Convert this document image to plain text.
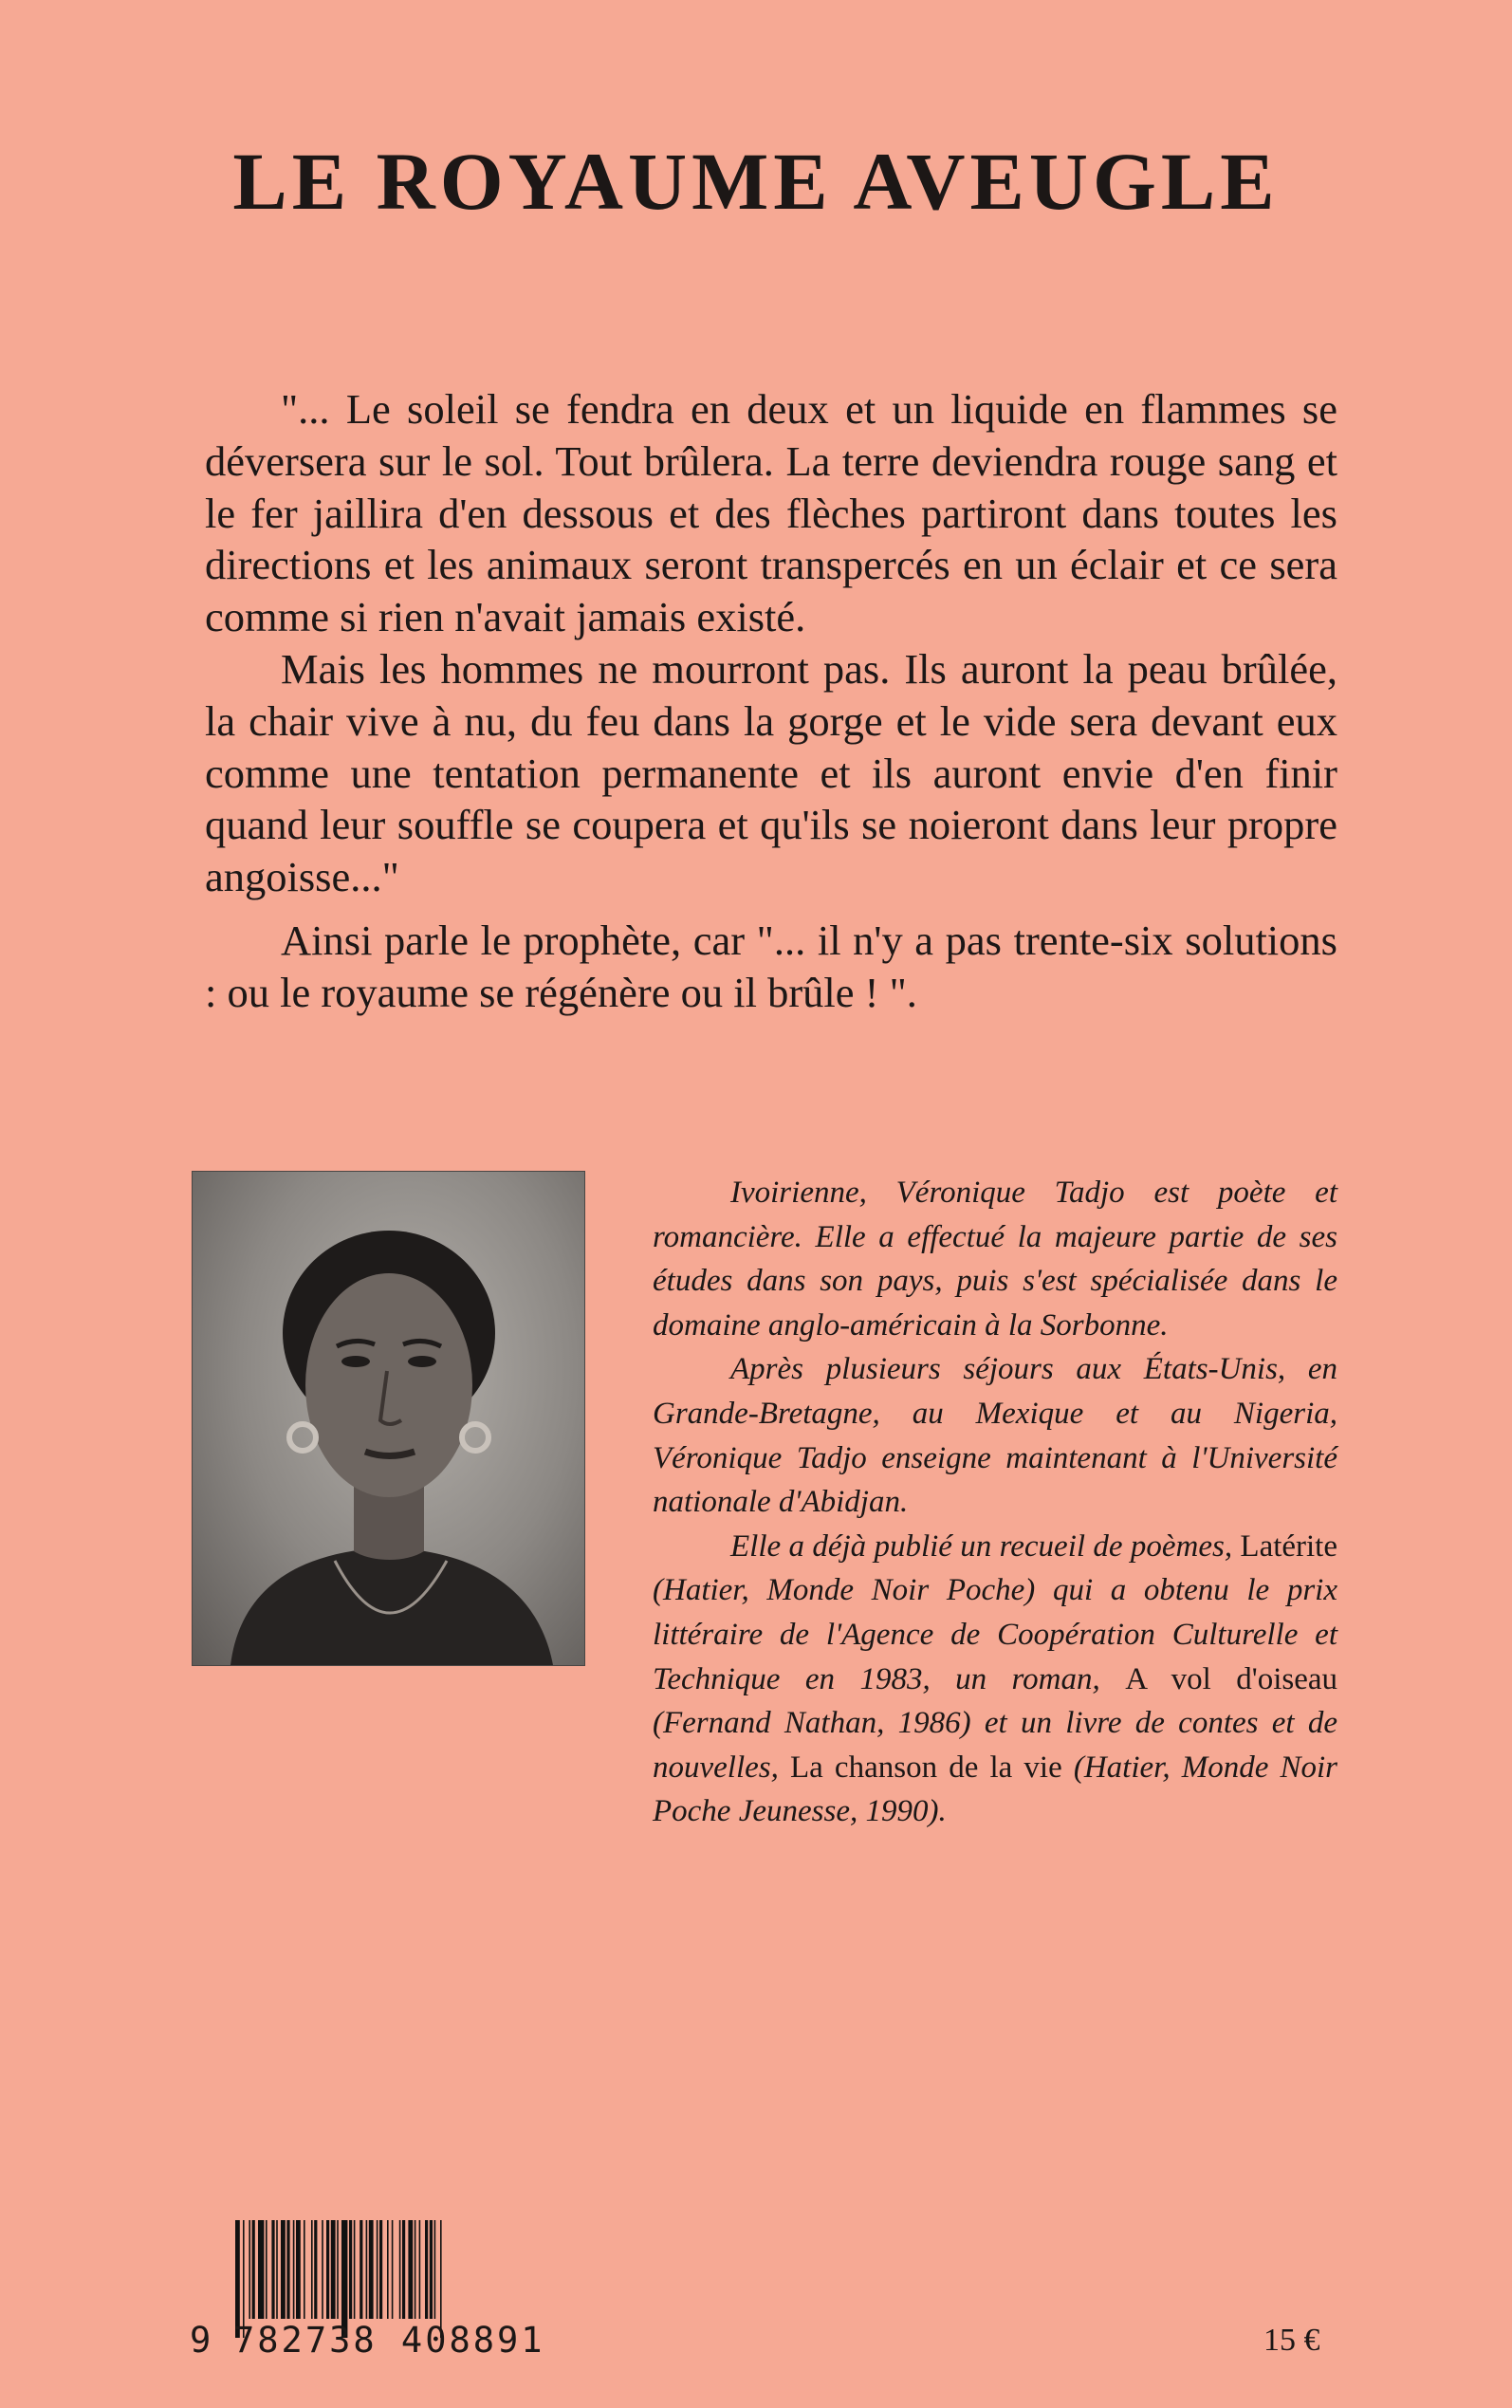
LE ROYAUME AVEUGLE

"... Le soleil se fendra en deux et un liquide en flammes se déversera sur le sol. Tout brûlera. La terre deviendra rouge sang et le fer jaillira d'en dessous et des flèches partiront dans toutes les directions et les animaux seront transpercés en un éclair et ce sera comme si rien n'avait jamais existé.

Mais les hommes ne mourront pas. Ils auront la peau brûlée, la chair vive à nu, du feu dans la gorge et le vide sera devant eux comme une tentation permanente et ils auront envie d'en finir quand leur souffle se coupera et qu'ils se noieront dans leur propre angoisse..."

Ainsi parle le prophète, car "... il n'y a pas trente-six solutions : ou le royaume se régénère ou il brûle ! ".

Ivoirienne, Véronique Tadjo est poète et romancière. Elle a effectué la majeure partie de ses études dans son pays, puis s'est spécialisée dans le domaine anglo-américain à la Sorbonne.

Après plusieurs séjours aux États-Unis, en Grande-Bretagne, au Mexique et au Nigeria, Véronique Tadjo enseigne maintenant à l'Université nationale d'Abidjan.

Elle a déjà publié un recueil de poèmes, Latérite (Hatier, Monde Noir Poche) qui a obtenu le prix littéraire de l'Agence de Coopération Culturelle et Technique en 1983, un roman, A vol d'oiseau (Fernand Nathan, 1986) et un livre de contes et de nouvelles, La chanson de la vie (Hatier, Monde Noir Poche Jeunesse, 1990).

9 782738 408891	15 €
